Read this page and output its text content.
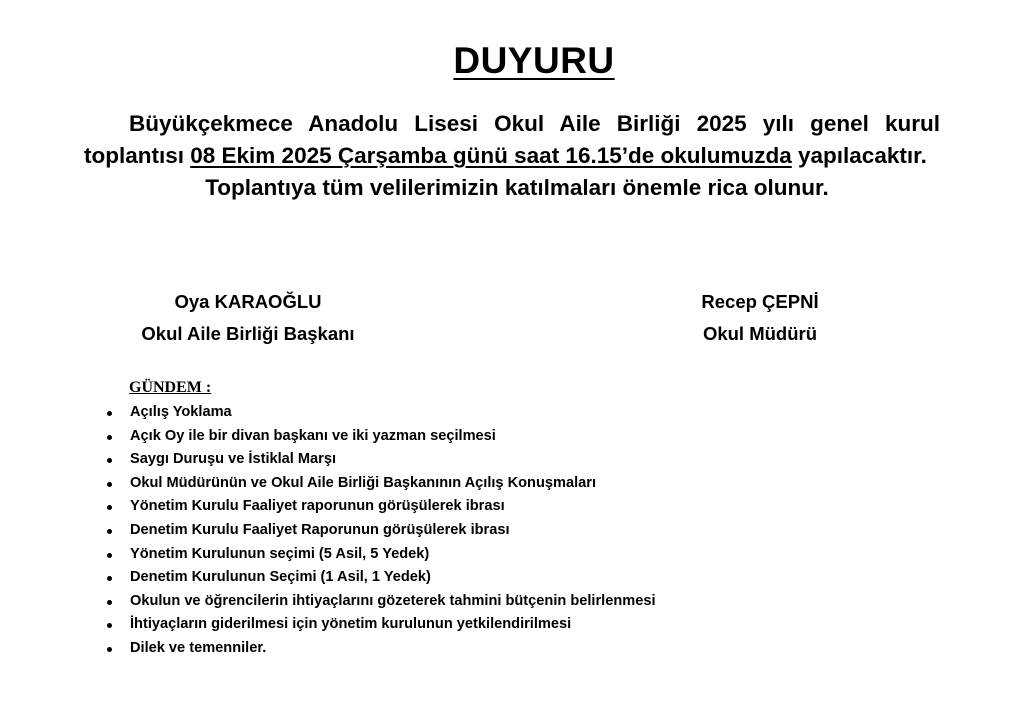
DUYURU

Büyükçekmece Anadolu Lisesi Okul Aile Birliği 2025 yılı genel kurul toplantısı 08 Ekim 2025 Çarşamba günü saat 16.15’de okulumuzda yapılacaktır.

Toplantıya tüm velilerimizin katılmaları önemle rica olunur.

Oya KARAOĞLU
Okul Aile Birliği Başkanı
Recep ÇEPNİ
Okul Müdürü
GÜNDEM :
Açılış Yoklama
Açık Oy ile bir divan başkanı ve iki yazman seçilmesi
Saygı Duruşu ve İstiklal Marşı
Okul Müdürünün ve Okul Aile Birliği Başkanının Açılış Konuşmaları
Yönetim Kurulu Faaliyet raporunun görüşülerek ibrası
Denetim Kurulu Faaliyet Raporunun görüşülerek ibrası
Yönetim Kurulunun seçimi (5 Asil, 5 Yedek)
Denetim Kurulunun Seçimi (1 Asil, 1 Yedek)
Okulun ve öğrencilerin ihtiyaçlarını gözeterek tahmini bütçenin belirlenmesi
İhtiyaçların giderilmesi için yönetim kurulunun yetkilendirilmesi
Dilek ve temenniler.
